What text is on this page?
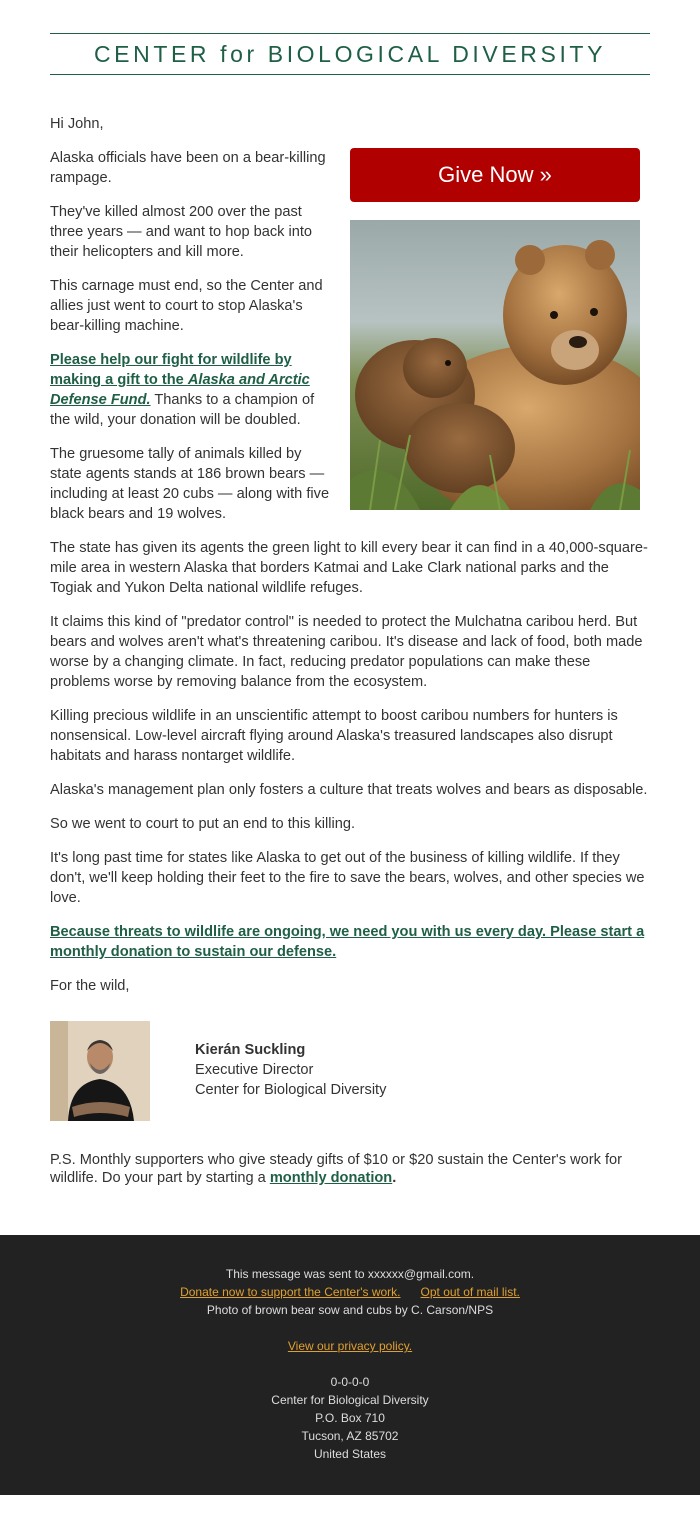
CENTER for BIOLOGICAL DIVERSITY

Hi John,

Alaska officials have been on a bear-killing rampage.

They've killed almost 200 over the past three years — and want to hop back into their helicopters and kill more.

This carnage must end, so the Center and allies just went to court to stop Alaska's bear-killing machine.

Please help our fight for wildlife by making a gift to the Alaska and Arctic Defense Fund. Thanks to a champion of the wild, your donation will be doubled.

The gruesome tally of animals killed by state agents stands at 186 brown bears — including at least 20 cubs — along with five black bears and 19 wolves.

Give Now »

The state has given its agents the green light to kill every bear it can find in a 40,000-square-mile area in western Alaska that borders Katmai and Lake Clark national parks and the Togiak and Yukon Delta national wildlife refuges.

It claims this kind of "predator control" is needed to protect the Mulchatna caribou herd. But bears and wolves aren't what's threatening caribou. It's disease and lack of food, both made worse by a changing climate. In fact, reducing predator populations can make these problems worse by removing balance from the ecosystem.

Killing precious wildlife in an unscientific attempt to boost caribou numbers for hunters is nonsensical. Low-level aircraft flying around Alaska's treasured landscapes also disrupt habitats and harass nontarget wildlife.

Alaska's management plan only fosters a culture that treats wolves and bears as disposable.

So we went to court to put an end to this killing.

It's long past time for states like Alaska to get out of the business of killing wildlife. If they don't, we'll keep holding their feet to the fire to save the bears, wolves, and other species we love.

Because threats to wildlife are ongoing, we need you with us every day. Please start a monthly donation to sustain our defense.

For the wild,

Kierán Suckling
Executive Director
Center for Biological Diversity

P.S. Monthly supporters who give steady gifts of $10 or $20 sustain the Center's work for wildlife. Do your part by starting a monthly donation.

This message was sent to xxxxxx@gmail.com.
Donate now to support the Center's work. Opt out of mail list.
Photo of brown bear sow and cubs by C. Carson/NPS
View our privacy policy.
0-0-0-0
Center for Biological Diversity
P.O. Box 710
Tucson, AZ 85702
United States
